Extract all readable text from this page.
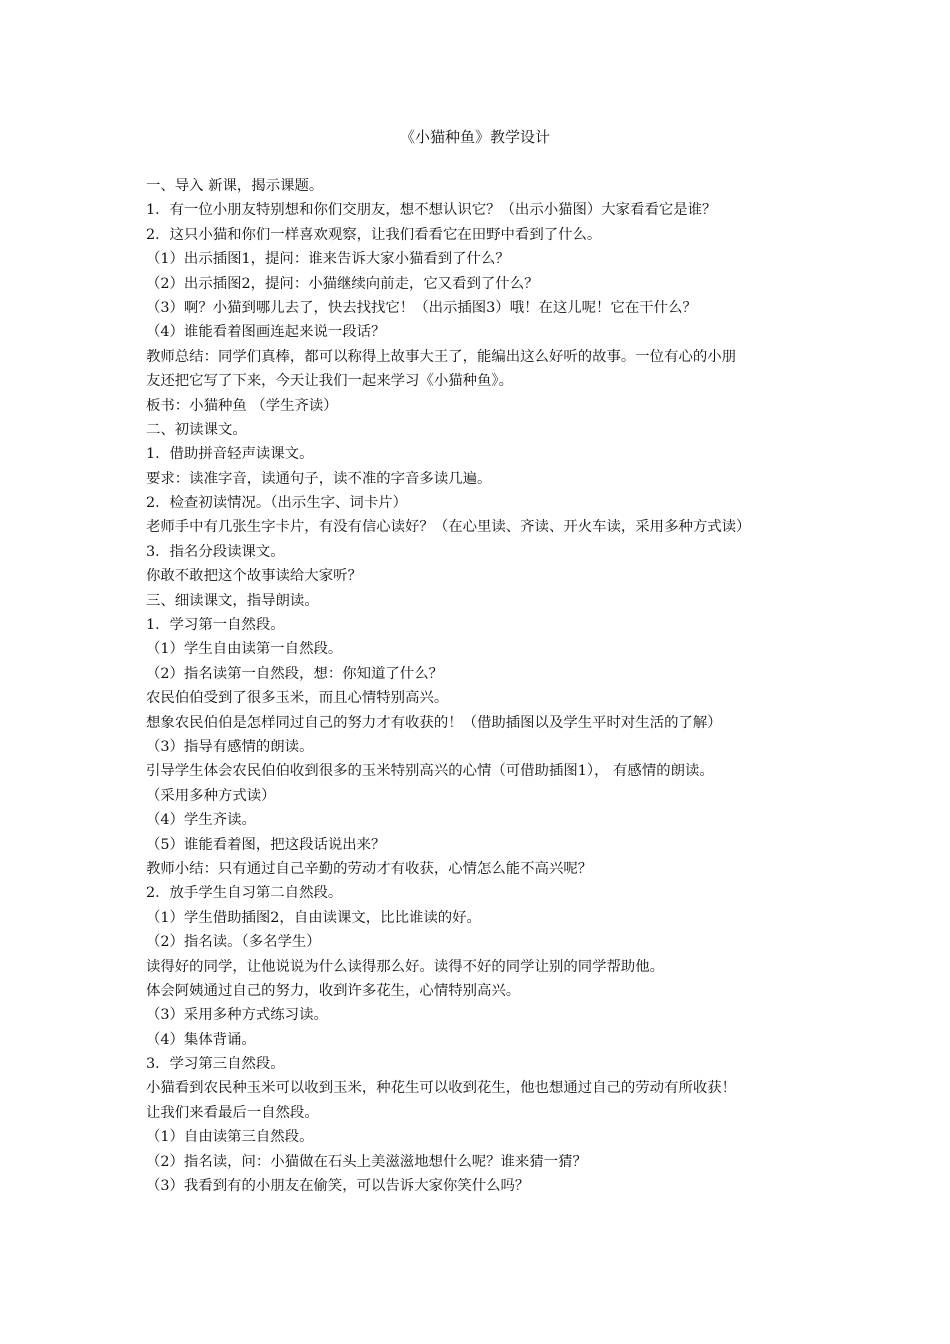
《小猫种鱼》教学设计

一、导入 新课，揭示课题。

1．有一位小朋友特别想和你们交朋友，想不想认识它？（出示小猫图）大家看看它是谁？

2．这只小猫和你们一样喜欢观察，让我们看看它在田野中看到了什么。

（1）出示插图1，提问：谁来告诉大家小猫看到了什么？

（2）出示插图2，提问：小猫继续向前走，它又看到了什么？

（3）啊？小猫到哪儿去了，快去找找它！（出示插图3）哦！在这儿呢！它在干什么？

（4）谁能看着图画连起来说一段话？

教师总结：同学们真棒，都可以称得上故事大王了，能编出这么好听的故事。一位有心的小朋

友还把它写了下来，今天让我们一起来学习《小猫种鱼》。

板书：小猫种鱼 （学生齐读）

二、初读课文。

1．借助拼音轻声读课文。

要求：读准字音，读通句子，读不准的字音多读几遍。

2．检查初读情况。（出示生字、词卡片）

老师手中有几张生字卡片，有没有信心读好？（在心里读、齐读、开火车读，采用多种方式读）

3．指名分段读课文。

你敢不敢把这个故事读给大家听？

三、细读课文，指导朗读。

1．学习第一自然段。

（1）学生自由读第一自然段。

（2）指名读第一自然段，想：你知道了什么？

农民伯伯受到了很多玉米，而且心情特别高兴。

想象农民伯伯是怎样同过自己的努力才有收获的！（借助插图以及学生平时对生活的了解）

（3）指导有感情的朗读。

引导学生体会农民伯伯收到很多的玉米特别高兴的心情（可借助插图1）， 有感情的朗读。

（采用多种方式读）

（4）学生齐读。

（5）谁能看着图，把这段话说出来？

教师小结：只有通过自己辛勤的劳动才有收获，心情怎么能不高兴呢？

2．放手学生自习第二自然段。

（1）学生借助插图2，自由读课文，比比谁读的好。

（2）指名读。（多名学生）

读得好的同学，让他说说为什么读得那么好。读得不好的同学让别的同学帮助他。

体会阿姨通过自己的努力，收到许多花生，心情特别高兴。

（3）采用多种方式练习读。

（4）集体背诵。

3．学习第三自然段。

小猫看到农民种玉米可以收到玉米，种花生可以收到花生，他也想通过自己的劳动有所收获！

让我们来看最后一自然段。

（1）自由读第三自然段。

（2）指名读，问：小猫做在石头上美滋滋地想什么呢？谁来猜一猜？

（3）我看到有的小朋友在偷笑，可以告诉大家你笑什么吗？
